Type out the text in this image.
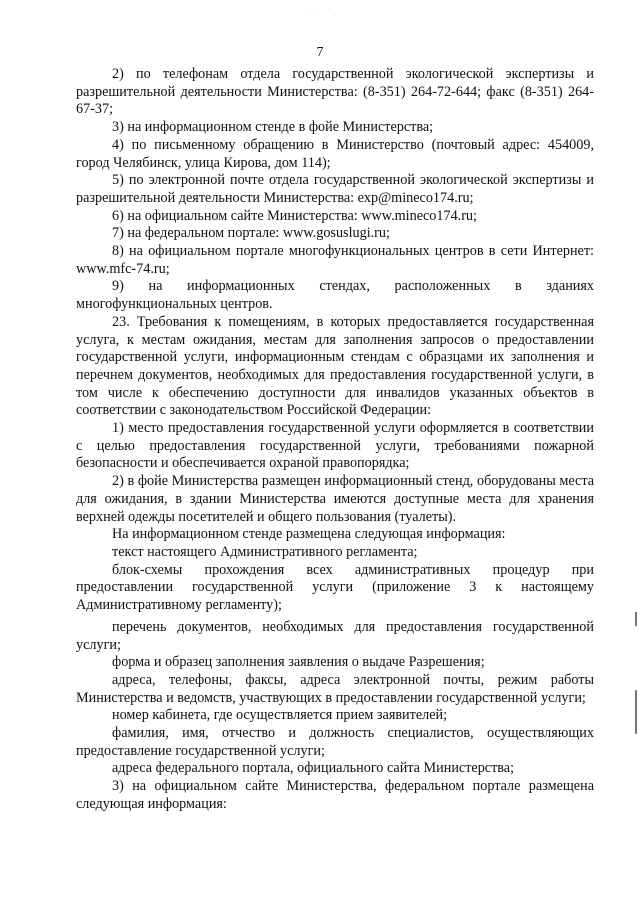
· · ·
7

2) по телефонам отдела государственной экологической экспертизы и разрешительной деятельности Министерства: (8-351) 264-72-644; факс (8-351) 264-67-37;

3) на информационном стенде в фойе Министерства;

4) по письменному обращению в Министерство (почтовый адрес: 454009, город Челябинск, улица Кирова, дом 114);

5) по электронной почте отдела государственной экологической экспертизы и разрешительной деятельности Министерства: exp@mineco174.ru;

6) на официальном сайте Министерства: www.mineco174.ru;

7) на федеральном портале: www.gosuslugi.ru;

8) на официальном портале многофункциональных центров в сети Интернет: www.mfc-74.ru;

9) на информационных стендах, расположенных в зданиях многофункциональных центров.

23. Требования к помещениям, в которых предоставляется государственная услуга, к местам ожидания, местам для заполнения запросов о предоставлении государственной услуги, информационным стендам с образцами их заполнения и перечнем документов, необходимых для предоставления государственной услуги, в том числе к обеспечению доступности для инвалидов указанных объектов в соответствии с законодательством Российской Федерации:

1) место предоставления государственной услуги оформляется в соответствии с целью предоставления государственной услуги, требованиями пожарной безопасности и обеспечивается охраной правопорядка;

2) в фойе Министерства размещен информационный стенд, оборудованы места для ожидания, в здании Министерства имеются доступные места для хранения верхней одежды посетителей и общего пользования (туалеты).

На информационном стенде размещена следующая информация:

текст настоящего Административного регламента;

блок-схемы прохождения всех административных процедур при предоставлении государственной услуги (приложение 3 к настоящему Административному регламенту);

перечень документов, необходимых для предоставления государственной услуги;

форма и образец заполнения заявления о выдаче Разрешения;

адреса, телефоны, факсы, адреса электронной почты, режим работы Министерства и ведомств, участвующих в предоставлении государственной услуги;

номер кабинета, где осуществляется прием заявителей;

фамилия, имя, отчество и должность специалистов, осуществляющих предоставление государственной услуги;

адреса федерального портала, официального сайта Министерства;

3) на официальном сайте Министерства, федеральном портале размещена следующая информация:
